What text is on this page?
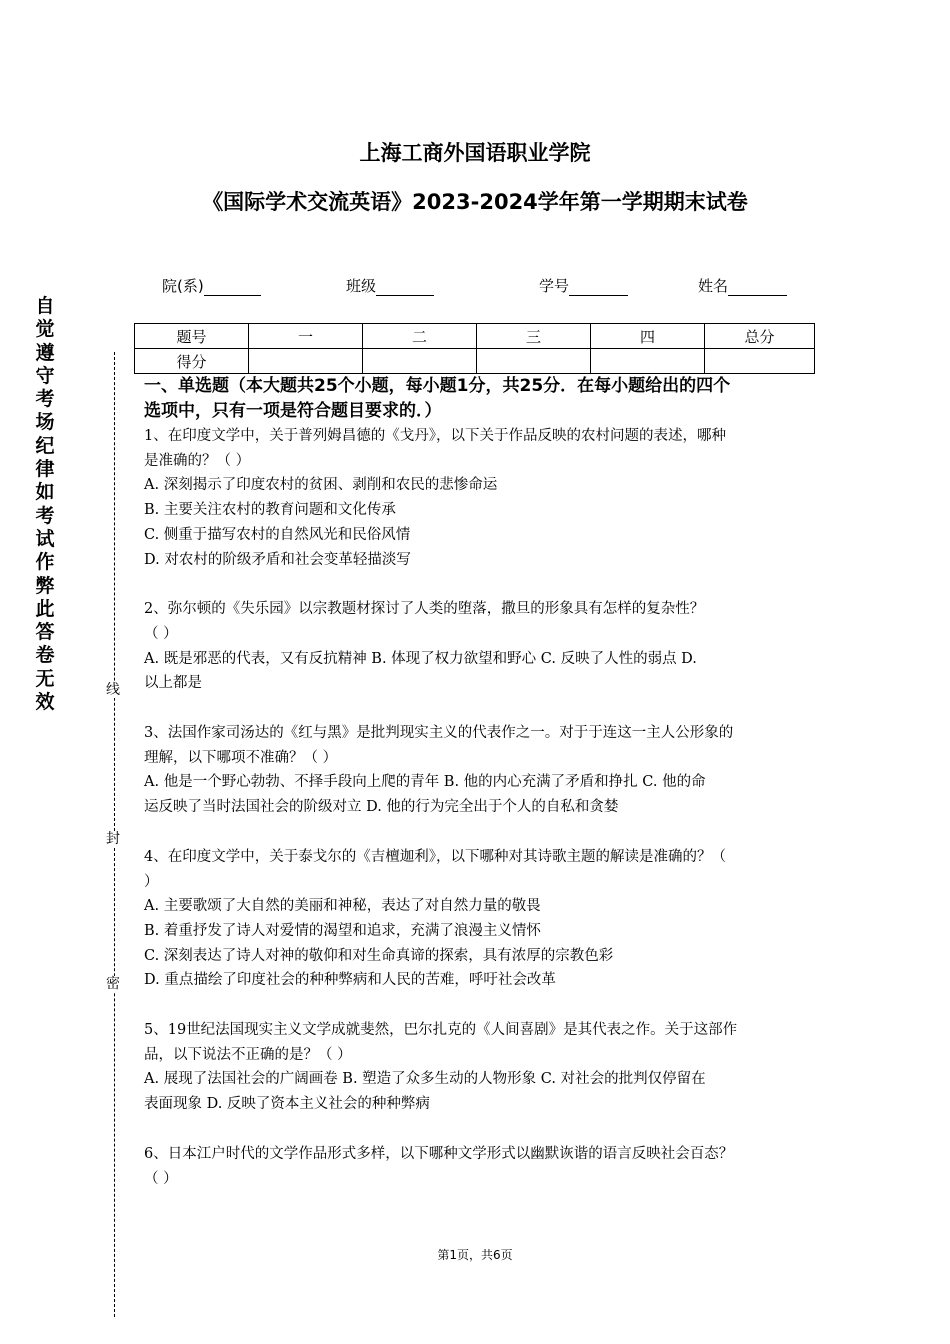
上海工商外国语职业学院
《国际学术交流英语》2023-2024学年第一学期期末试卷
院(系)	班级	学号	姓名
题号	一	二	三	四	总分
得分					
自觉遵守考场纪律如考试作弊此答卷无效
线
封
密

一、单选题（本大题共25个小题，每小题1分，共25分．在每小题给出的四个

选项中，只有一项是符合题目要求的．）

1、在印度文学中，关于普列姆昌德的《戈丹》，以下关于作品反映的农村问题的表述，哪种

是准确的？（ ）

A. 深刻揭示了印度农村的贫困、剥削和农民的悲惨命运

B. 主要关注农村的教育问题和文化传承

C. 侧重于描写农村的自然风光和民俗风情

D. 对农村的阶级矛盾和社会变革轻描淡写

2、弥尔顿的《失乐园》以宗教题材探讨了人类的堕落，撒旦的形象具有怎样的复杂性？

（ ）

A. 既是邪恶的代表，又有反抗精神 B. 体现了权力欲望和野心 C. 反映了人性的弱点 D.

以上都是

3、法国作家司汤达的《红与黑》是批判现实主义的代表作之一。对于于连这一主人公形象的

理解，以下哪项不准确？（ ）

A. 他是一个野心勃勃、不择手段向上爬的青年 B. 他的内心充满了矛盾和挣扎 C. 他的命

运反映了当时法国社会的阶级对立 D. 他的行为完全出于个人的自私和贪婪

4、在印度文学中，关于泰戈尔的《吉檀迦利》，以下哪种对其诗歌主题的解读是准确的？（

）

A. 主要歌颂了大自然的美丽和神秘，表达了对自然力量的敬畏

B. 着重抒发了诗人对爱情的渴望和追求，充满了浪漫主义情怀

C. 深刻表达了诗人对神的敬仰和对生命真谛的探索，具有浓厚的宗教色彩

D. 重点描绘了印度社会的种种弊病和人民的苦难，呼吁社会改革

5、19世纪法国现实主义文学成就斐然，巴尔扎克的《人间喜剧》是其代表之作。关于这部作

品，以下说法不正确的是？（ ）

A. 展现了法国社会的广阔画卷 B. 塑造了众多生动的人物形象 C. 对社会的批判仅停留在

表面现象 D. 反映了资本主义社会的种种弊病

6、日本江户时代的文学作品形式多样，以下哪种文学形式以幽默诙谐的语言反映社会百态？

（ ）

第1页，共6页
